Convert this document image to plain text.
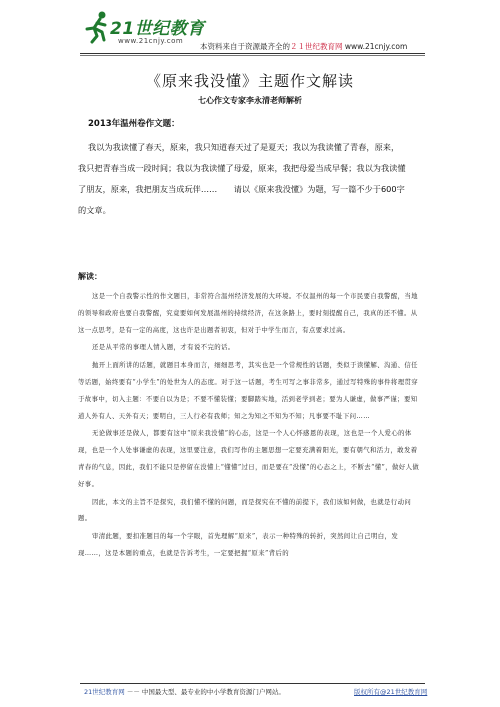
21世纪教育
www.21cnjy.com
本资料来自于资源最齐全的２１世纪教育网 www.21cnjy.com
《原来我没懂》主题作文解读
七心作文专家李永清老师解析
2013年温州卷作文题：
我以为我读懂了春天，原来，我只知道春天过了是夏天；我以为我读懂了青春，原来，
我只把青春当成一段时间；我以为我读懂了母爱，原来，我把母爱当成早餐；我以为我读懂
了朋友，原来，我把朋友当成玩伴……　　请以《原来我没懂》为题，写一篇不少于600字
的文章。
解读：

这是一个自我警示性的作文题目，非常符合温州经济发展的大环境。不仅温州的每一个市民要自我警醒，当地的领导和政府也要自我警醒，究竟要如何发展温州的持续经济，在这条路上，要时刻提醒自己，我真的还不懂。从这一点思考，是有一定的高度，这也许是出题者初衷，但对于中学生而言，有点要求过高。

还是从平常的事理人情入题，才有说不完的话。

抛开上面所讲的话题，就题目本身而言，细细思考，其实也是一个常规性的话题，类似于读懂解、沟通、信任等话题，始终要有“小学生”的处世为人的态度。对于这一话题，考生可写之事非常多，通过写特殊的事件将理贯穿于故事中，切入主题：不要自以为是；不要不懂装懂；要脚踏实地，活到老学到老；要为人谦虚，做事严谨；要知道人外有人、天外有天；要明白，三人行必有我师；知之为知之不知为不知；凡事要不耻下问……

无论做事还是做人，都要有这中“原来我没懂”的心态，这是一个人心怀感恩的表现，这也是一个人爱心的体现，也是一个人处事谦虚的表现，这里要注意，我们写作的主题思想一定要充满着阳光，要有朝气和活力，敢发着青春的气息，因此，我们不能只是停留在没懂上“懂懂”过日，而是要在“没懂”的心态之上，不断去“懂”，做好人做好事。

因此，本文的主旨不是探究，我们懂不懂的问题，而是探究在不懂的前提下，我们该如何做，也就是行动问题。

审清此题，要扣准题目的每一个字眼，首先理解“原来”，表示一种特殊的转折，突然间让自己明白，发现……，这是本题的重点，也就是告诉考生，一定要把握“原来”背后的

21世纪教育网 －－ 中国最大型、最专业的中小学教育资源门户网站。	版权所有@21世纪教育网
